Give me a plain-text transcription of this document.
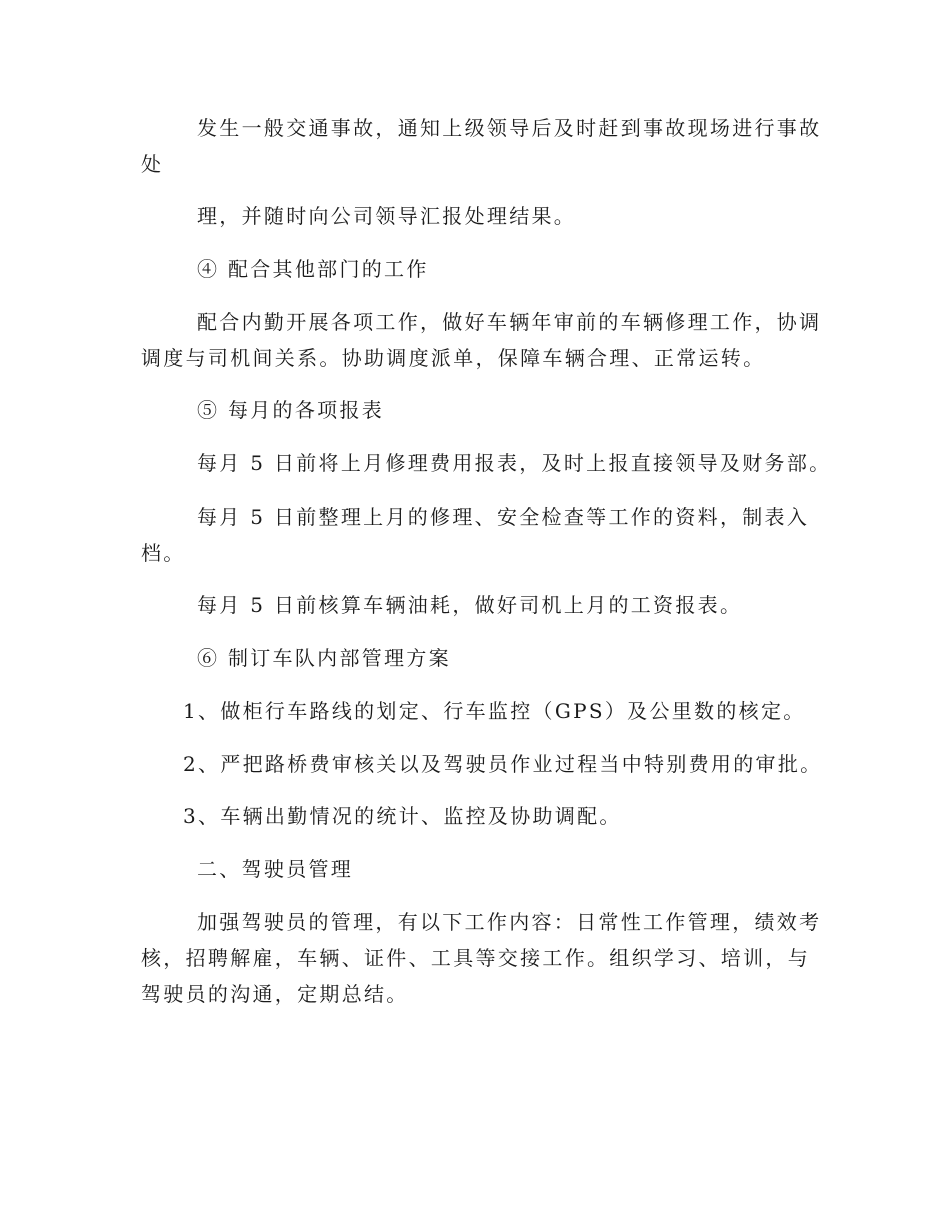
发生一般交通事故，通知上级领导后及时赶到事故现场进行事故
处
理，并随时向公司领导汇报处理结果。
④ 配合其他部门的工作
配合内勤开展各项工作，做好车辆年审前的车辆修理工作，协调
调度与司机间关系。协助调度派单，保障车辆合理、正常运转。
⑤ 每月的各项报表
每月 5 日前将上月修理费用报表，及时上报直接领导及财务部。
每月 5 日前整理上月的修理、安全检查等工作的资料，制表入
档。
每月 5 日前核算车辆油耗，做好司机上月的工资报表。
⑥ 制订车队内部管理方案
1、做柜行车路线的划定、行车监控（GPS）及公里数的核定。
2、严把路桥费审核关以及驾驶员作业过程当中特别费用的审批。
3、车辆出勤情况的统计、监控及协助调配。
二、驾驶员管理
加强驾驶员的管理，有以下工作内容：日常性工作管理，绩效考
核，招聘解雇，车辆、证件、工具等交接工作。组织学习、培训，与
驾驶员的沟通，定期总结。
